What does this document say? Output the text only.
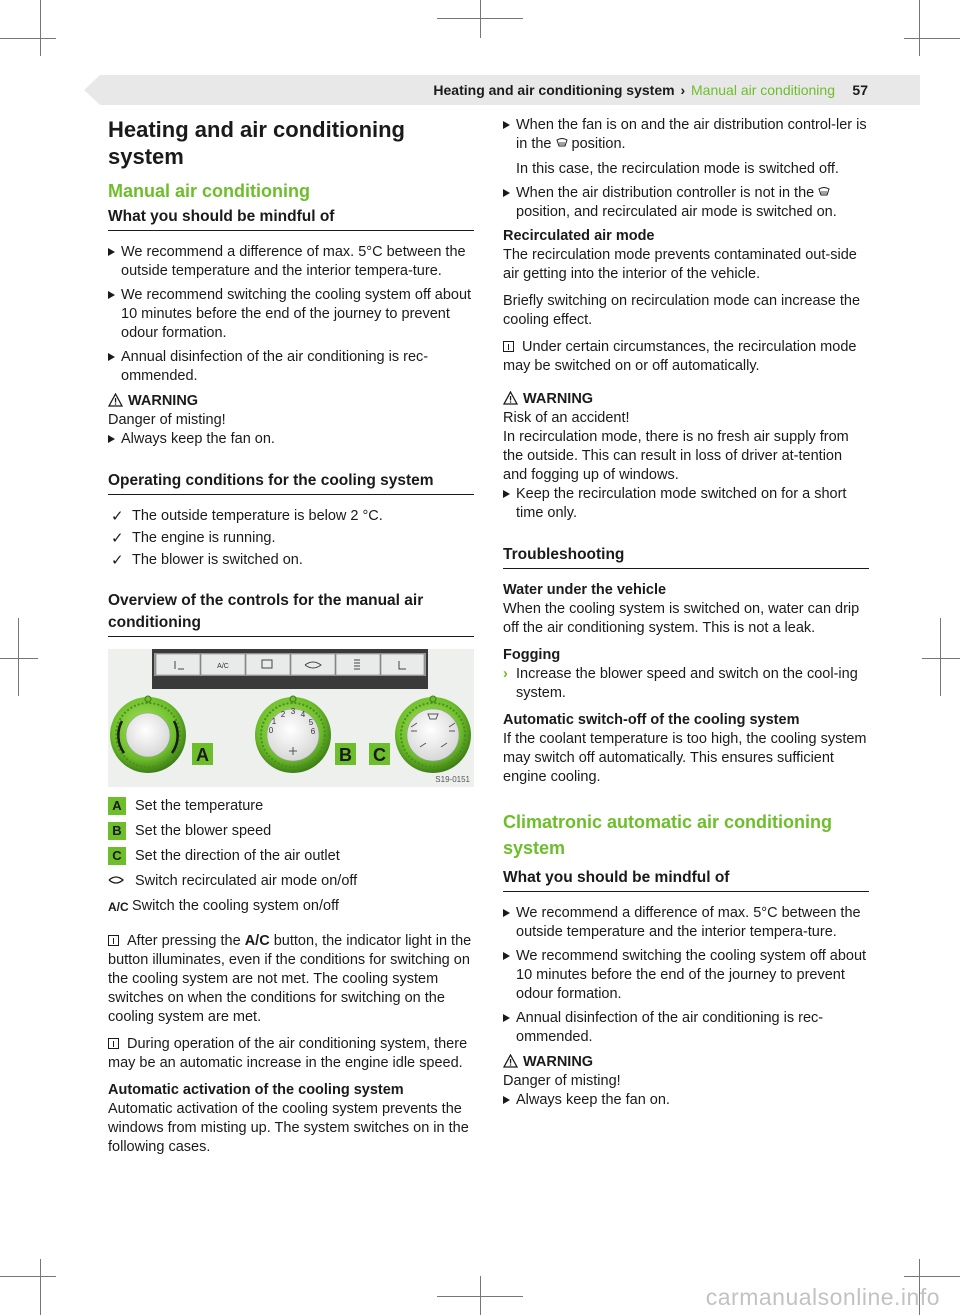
Heating and air conditioning system › Manual air conditioning 57
Heating and air conditioning system
Manual air conditioning
What you should be mindful of
We recommend a difference of max. 5°C between the outside temperature and the interior tempera-ture.
We recommend switching the cooling system off about 10 minutes before the end of the journey to prevent odour formation.
Annual disinfection of the air conditioning is rec-ommended.
WARNING
Danger of misting!
Always keep the fan on.
Operating conditions for the cooling system
✓ The outside temperature is below 2 °C.
✓ The engine is running.
✓ The blower is switched on.
Overview of the controls for the manual air conditioning
A/C
0
1
2 3 4
5
6
A	B C
S19-0151
A Set the temperature
B Set the blower speed
C Set the direction of the air outlet
Switch recirculated air mode on/off
A/C Switch the cooling system on/off
After pressing the A/C button, the indicator light in the button illuminates, even if the conditions for switching on the cooling system are not met. The cooling system switches on when the conditions for switching on the cooling system are met.
During operation of the air conditioning system, there may be an automatic increase in the engine idle speed.
Automatic activation of the cooling system
Automatic activation of the cooling system prevents the windows from misting up. The system switches on in the following cases.
When the fan is on and the air distribution control-ler is in the position.
In this case, the recirculation mode is switched off.
When the air distribution controller is not in the  position, and recirculated air mode is switched on.
Recirculated air mode
The recirculation mode prevents contaminated out-side air getting into the interior of the vehicle.
Briefly switching on recirculation mode can increase the cooling effect.
Under certain circumstances, the recirculation mode may be switched on or off automatically.
WARNING
Risk of an accident!
In recirculation mode, there is no fresh air supply from the outside. This can result in loss of driver at-tention and fogging up of windows.
Keep the recirculation mode switched on for a short time only.
Troubleshooting
Water under the vehicle
When the cooling system is switched on, water can drip off the air conditioning system. This is not a leak.
Fogging
› Increase the blower speed and switch on the cool-ing system.
Automatic switch-off of the cooling system
If the coolant temperature is too high, the cooling system may switch off automatically. This ensures sufficient engine cooling.
Climatronic automatic air conditioning system
What you should be mindful of
We recommend a difference of max. 5°C between the outside temperature and the interior tempera-ture.
We recommend switching the cooling system off about 10 minutes before the end of the journey to prevent odour formation.
Annual disinfection of the air conditioning is rec-ommended.
WARNING
Danger of misting!
Always keep the fan on.
carmanualsonline.info
